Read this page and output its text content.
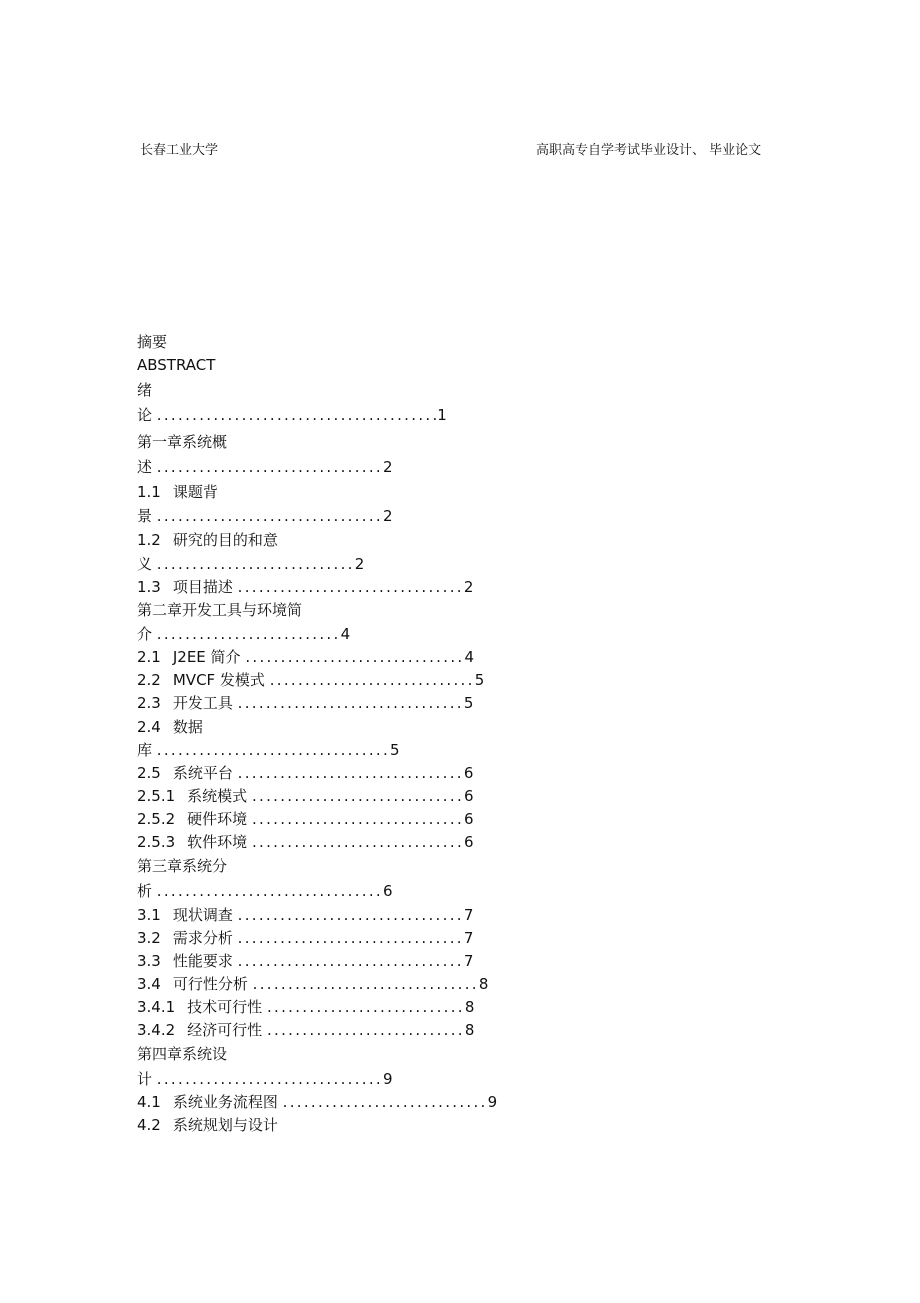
长春工业大学	高职高专自学考试毕业设计、 毕业论文
摘要
ABSTRACT
绪
论 ........................................1
第一章系统概
述 ................................2
1.1 课题背
景 ................................2
1.2 研究的目的和意
义 ............................2
1.3 项目描述 ................................2
第二章开发工具与环境简
介 ..........................4
2.1 J2EE 简介 ...............................4
2.2 MVCF 发模式 .............................5
2.3 开发工具 ................................5
2.4 数据
库 .................................5
2.5 系统平台 ................................6
2.5.1 系统模式 ..............................6
2.5.2 硬件环境 ..............................6
2.5.3 软件环境 ..............................6
第三章系统分
析 ................................6
3.1 现状调查 ................................7
3.2 需求分析 ................................7
3.3 性能要求 ................................7
3.4 可行性分析 ................................8
3.4.1 技术可行性 ............................8
3.4.2 经济可行性 ............................8
第四章系统设
计 ................................9
4.1 系统业务流程图 .............................9
4.2 系统规划与设计
